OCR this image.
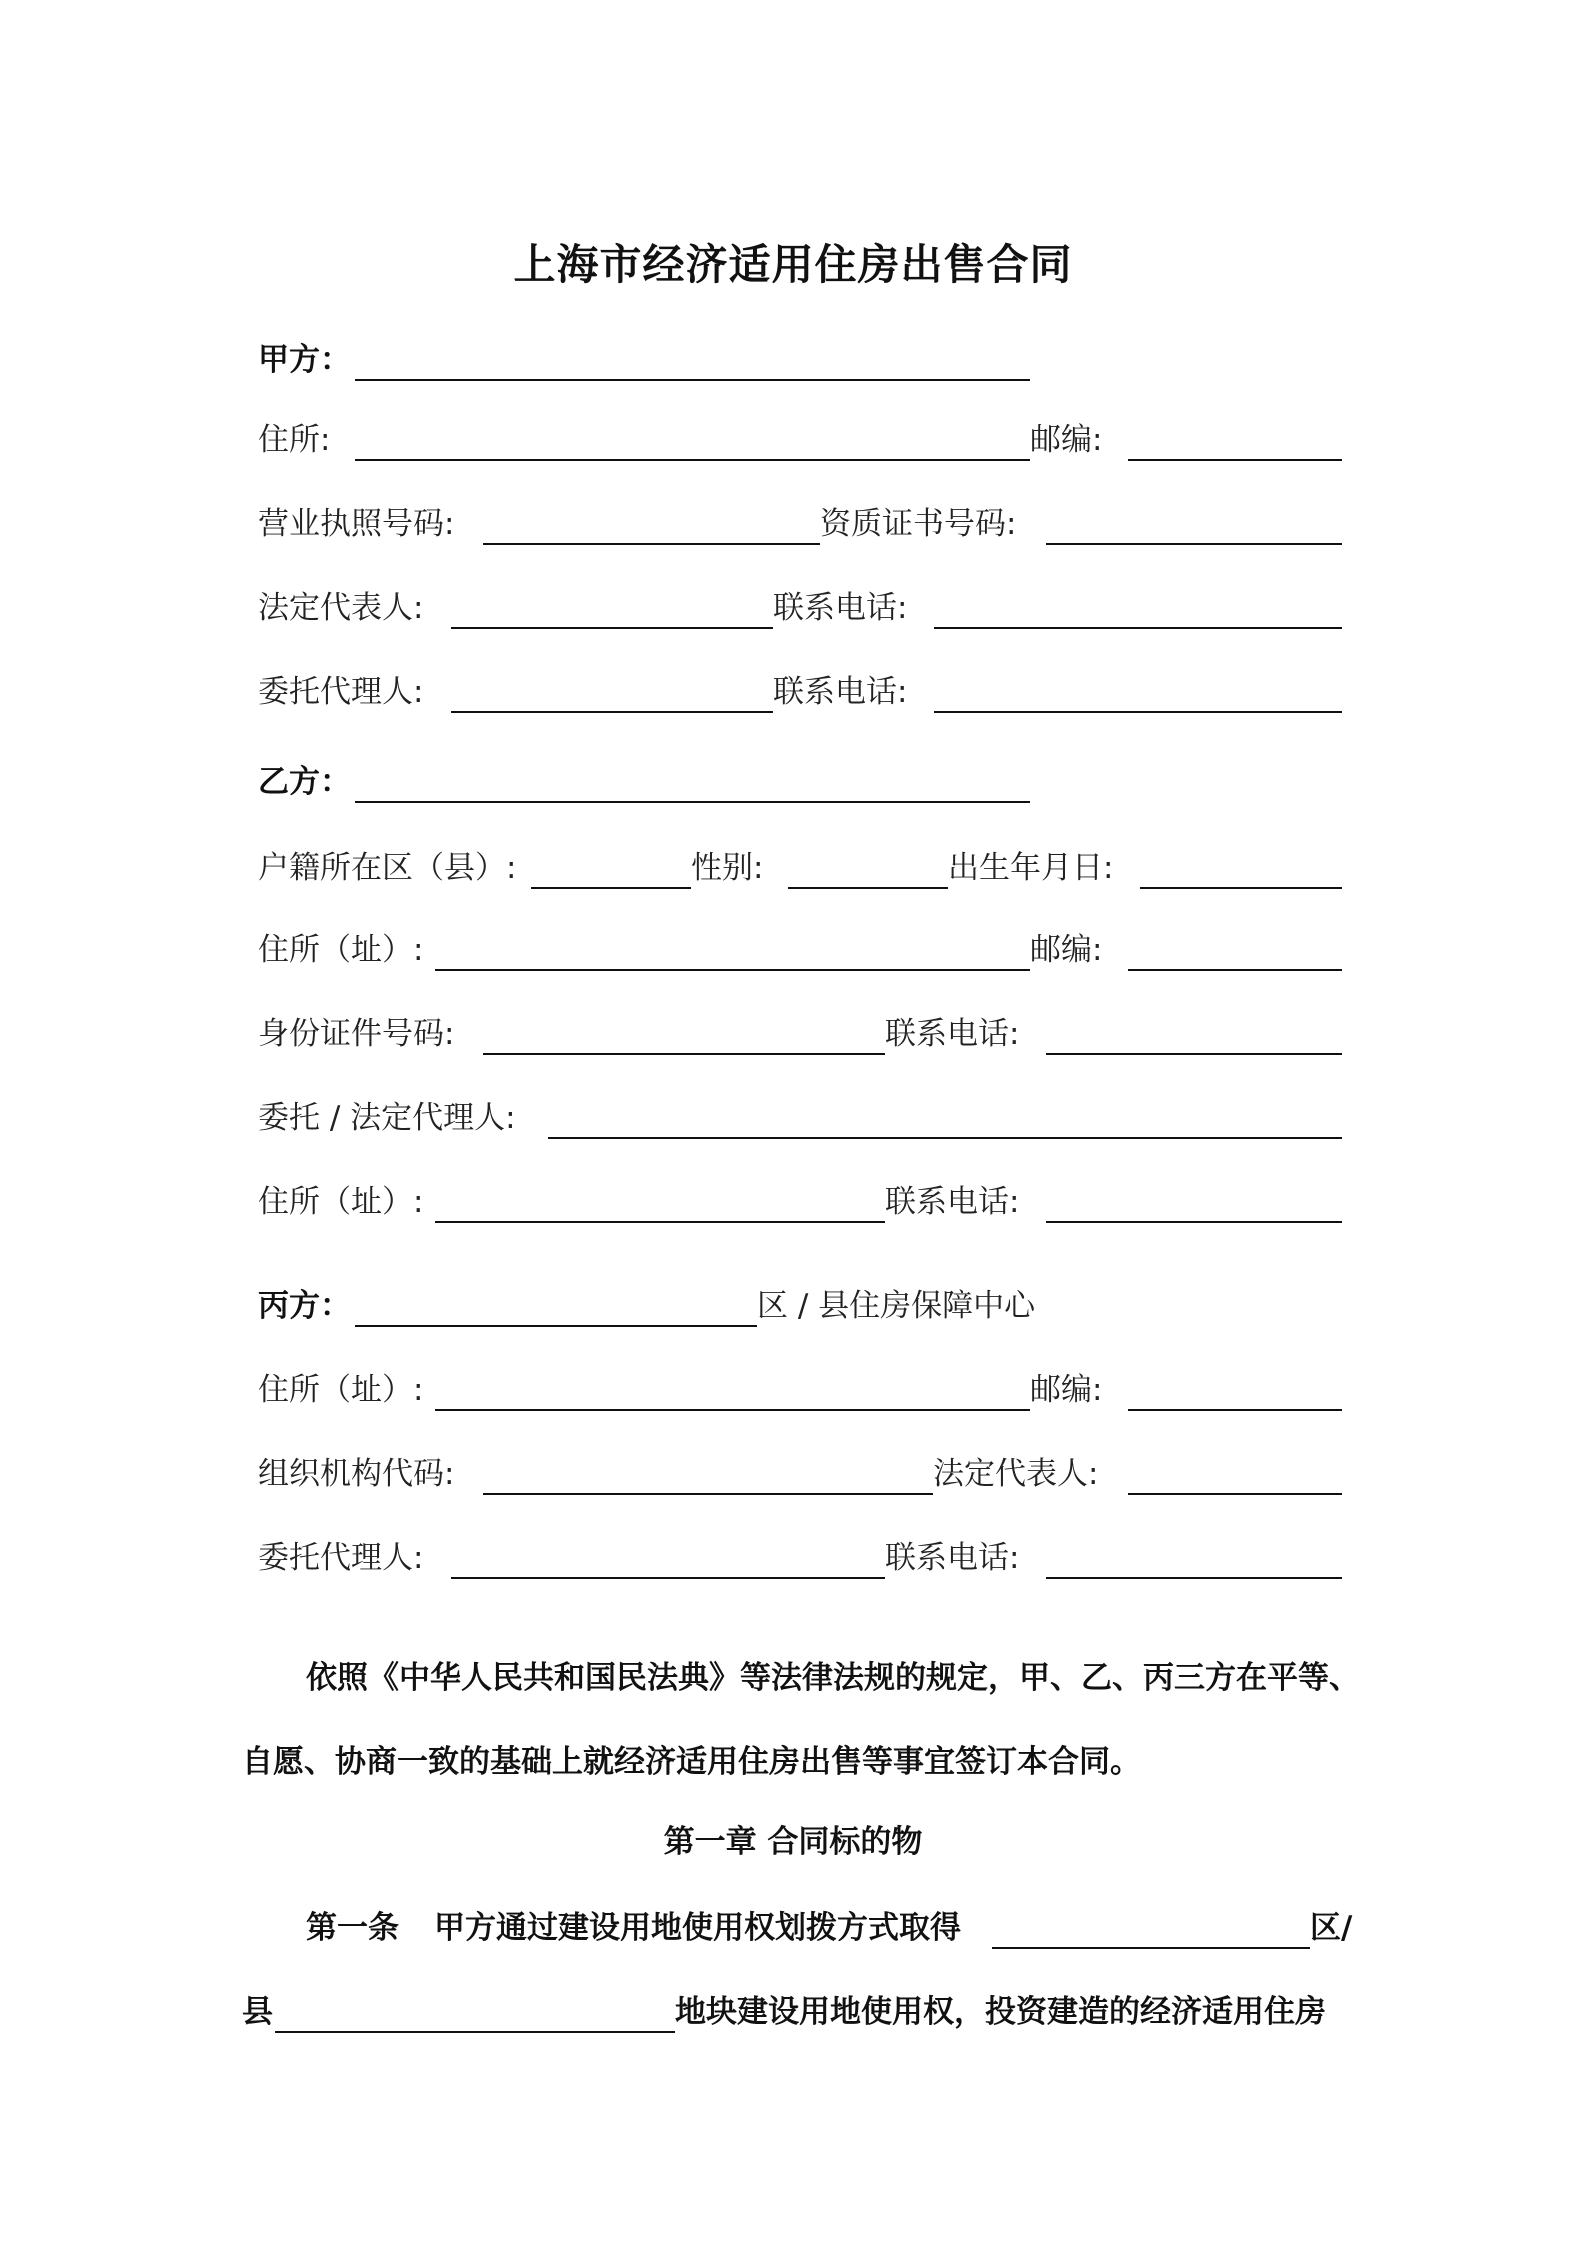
上海市经济适用住房出售合同
甲方：
住所:	邮编:
营业执照号码:	资质证书号码:
法定代表人:	联系电话:
委托代理人:	联系电话:
乙方：
户籍所在区（县）:	性别:	出生年月日:
住所（址）:	邮编:
身份证件号码:	联系电话:
委托 / 法定代理人:
住所（址）:	联系电话:
丙方：	区 / 县住房保障中心
住所（址）:	邮编:
组织机构代码:	法定代表人:
委托代理人:	联系电话:
依照《中华人民共和国民法典》等法律法规的规定，甲、乙、丙三方在平等、
自愿、协商一致的基础上就经济适用住房出售等事宜签订本合同。
第一章 合同标的物
第一条 甲方通过建设用地使用权划拨方式取得	区/
县	地块建设用地使用权，投资建造的经济适用住房
